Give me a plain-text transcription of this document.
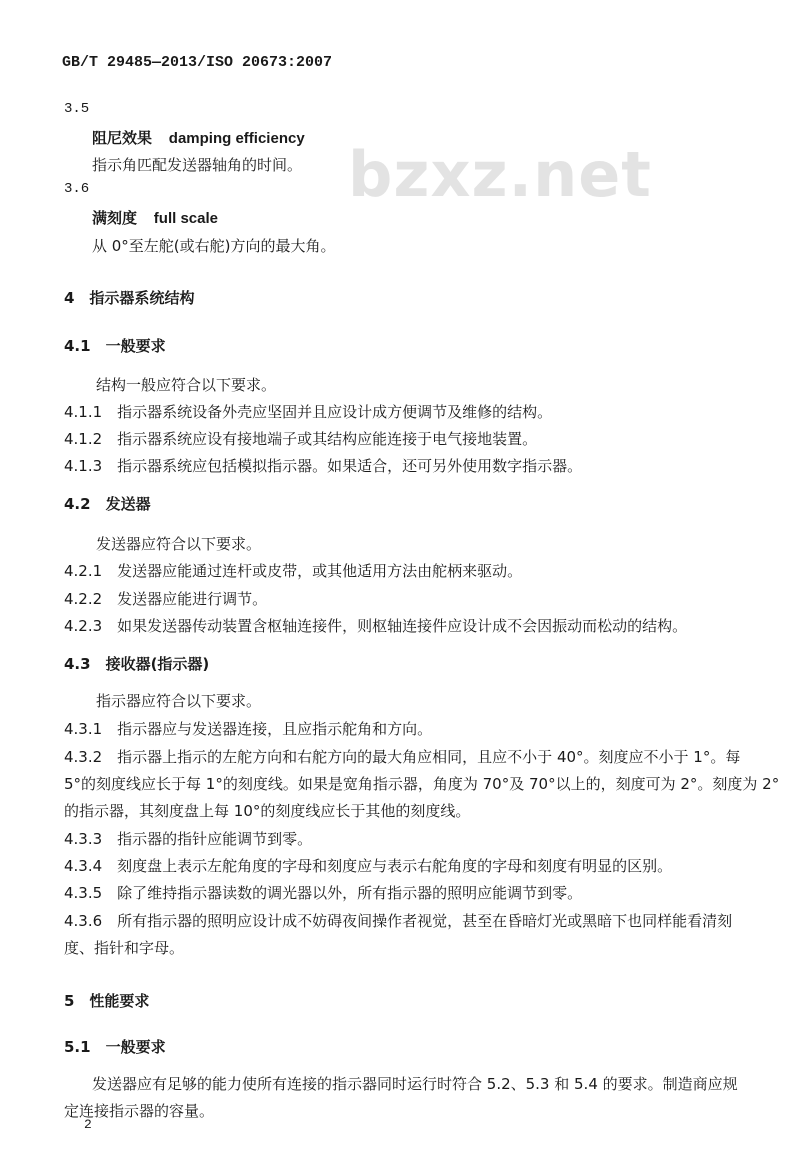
GB/T 29485—2013/ISO 20673:2007
bzxz.net
3.5
阻尼效果 damping efficiency
指示角匹配发送器轴角的时间。
3.6
满刻度 full scale
从 0°至左舵(或右舵)方向的最大角。
4　指示器系统结构
4.1　一般要求
结构一般应符合以下要求。
4.1.1　指示器系统设备外壳应坚固并且应设计成方便调节及维修的结构。
4.1.2　指示器系统应设有接地端子或其结构应能连接于电气接地装置。
4.1.3　指示器系统应包括模拟指示器。如果适合，还可另外使用数字指示器。
4.2　发送器
发送器应符合以下要求。
4.2.1　发送器应能通过连杆或皮带，或其他适用方法由舵柄来驱动。
4.2.2　发送器应能进行调节。
4.2.3　如果发送器传动装置含枢轴连接件，则枢轴连接件应设计成不会因振动而松动的结构。
4.3　接收器(指示器)
指示器应符合以下要求。
4.3.1　指示器应与发送器连接，且应指示舵角和方向。
4.3.2　指示器上指示的左舵方向和右舵方向的最大角应相同，且应不小于 40°。刻度应不小于 1°。每
5°的刻度线应长于每 1°的刻度线。如果是宽角指示器，角度为 70°及 70°以上的，刻度可为 2°。刻度为 2°
的指示器，其刻度盘上每 10°的刻度线应长于其他的刻度线。
4.3.3　指示器的指针应能调节到零。
4.3.4　刻度盘上表示左舵角度的字母和刻度应与表示右舵角度的字母和刻度有明显的区别。
4.3.5　除了维持指示器读数的调光器以外，所有指示器的照明应能调节到零。
4.3.6　所有指示器的照明应设计成不妨碍夜间操作者视觉，甚至在昏暗灯光或黑暗下也同样能看清刻
度、指针和字母。
5　性能要求
5.1　一般要求
发送器应有足够的能力使所有连接的指示器同时运行时符合 5.2、5.3 和 5.4 的要求。制造商应规
定连接指示器的容量。
2
